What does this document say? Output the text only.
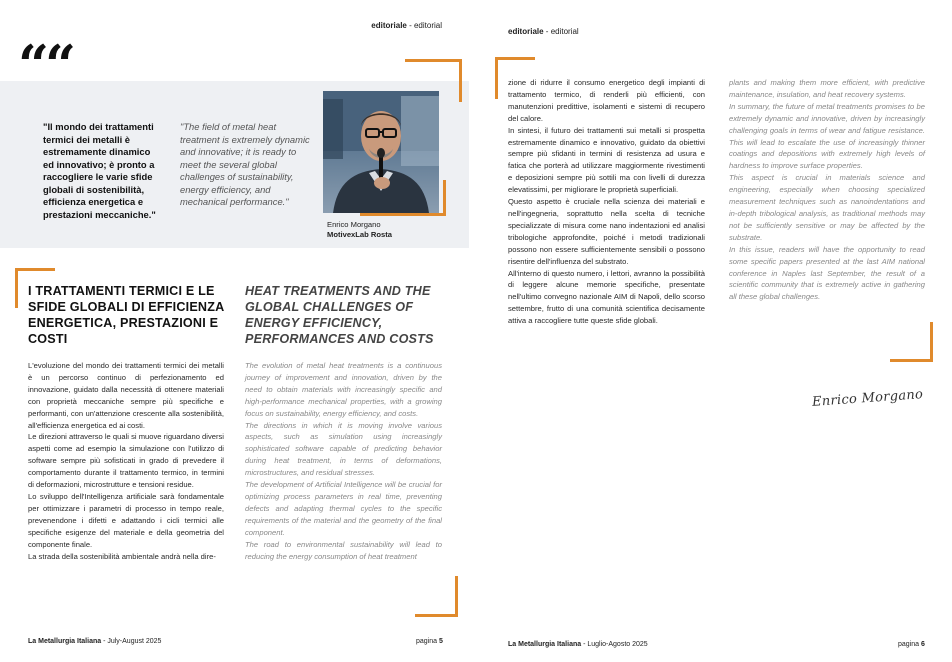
editoriale - editorial
““
"Il mondo dei trattamenti termici dei metalli è estremamente dinamico ed innovativo; è pronto a raccogliere le varie sfide globali di sostenibilità, efficienza energetica e prestazioni meccaniche."
"The field of metal heat treatment is extremely dynamic and innovative; it is ready to meet the several global challenges of sustainability, energy efficiency, and mechanical performance."
Enrico Morgano
MotivexLab Rosta
I TRATTAMENTI TERMICI E LE SFIDE GLOBALI DI EFFICIENZA ENERGETICA, PRESTAZIONI E COSTI
HEAT TREATMENTS AND THE GLOBAL CHALLENGES OF ENERGY EFFICIENCY, PERFORMANCES AND COSTS

L'evoluzione del mondo dei trattamenti termici dei metalli è un percorso continuo di perfezionamento ed innovazione, guidato dalla necessità di ottenere materiali con proprietà meccaniche sempre più specifiche e performanti, con un'attenzione crescente alla sostenibilità, all'efficienza energetica ed ai costi.

Le direzioni attraverso le quali si muove riguardano diversi aspetti come ad esempio la simulazione con l'utilizzo di software sempre più sofisticati in grado di prevedere il comportamento durante il trattamento termico, in termini di deformazioni, microstrutture e tensioni residue.

Lo sviluppo dell'Intelligenza artificiale sarà fondamentale per ottimizzare i parametri di processo in tempo reale, prevenendone i difetti e adattando i cicli termici alle specifiche esigenze del materiale e della geometria del componente finale.

La strada della sostenibilità ambientale andrà nella dire-

The evolution of metal heat treatments is a continuous journey of improvement and innovation, driven by the need to obtain materials with increasingly specific and high-performance mechanical properties, with a growing focus on sustainability, energy efficiency, and costs.

The directions in which it is moving involve various aspects, such as simulation using increasingly sophisticated software capable of predicting behavior during heat treatment, in terms of deformations, microstructures, and residual stresses.

The development of Artificial Intelligence will be crucial for optimizing process parameters in real time, preventing defects and adapting thermal cycles to the specific requirements of the material and the geometry of the final component.

The road to environmental sustainability will lead to reducing the energy consumption of heat treatment

La Metallurgia Italiana - July-August 2025	pagina 5
editoriale - editorial

zione di ridurre il consumo energetico degli impianti di trattamento termico, di renderli più efficienti, con manutenzioni predittive, isolamenti e sistemi di recupero del calore.

In sintesi, il futuro dei trattamenti sui metalli si prospetta estremamente dinamico e innovativo, guidato da obiettivi sempre più sfidanti in termini di resistenza ad usura e fatica che porterà ad utilizzare maggiormente rivestimenti e deposizioni sempre più sottili ma con livelli di durezza elevatissimi, per migliorare le proprietà superficiali.

Questo aspetto è cruciale nella scienza dei materiali e nell'ingegneria, soprattutto nella scelta di tecniche specializzate di misura come nano indentazioni ed analisi tribologiche approfondite, poiché i metodi tradizionali possono non essere sufficientemente sensibili o possono risentire dell'influenza del substrato.

All'interno di questo numero, i lettori, avranno la possibilità di leggere alcune memorie specifiche, presentate nell'ultimo convegno nazionale AIM di Napoli, dello scorso settembre, frutto di una comunità scientifica decisamente attiva a raccogliere tutte queste sfide globali.

plants and making them more efficient, with predictive maintenance, insulation, and heat recovery systems.

In summary, the future of metal treatments promises to be extremely dynamic and innovative, driven by increasingly challenging goals in terms of wear and fatigue resistance. This will lead to escalate the use of increasingly thinner coatings and depositions with extremely high levels of hardness to improve surface properties.

This aspect is crucial in materials science and engineering, especially when choosing specialized measurement techniques such as nanoindentations and in-depth tribological analysis, as traditional methods may not be sufficiently sensitive or may be affected by the substrate.

In this issue, readers will have the opportunity to read some specific papers presented at the last AIM national conference in Naples last September, the result of a scientific community that is extremely active in gathering all these global challenges.

La Metallurgia Italiana - Luglio-Agosto 2025	pagina 6
Enrico Morgano
